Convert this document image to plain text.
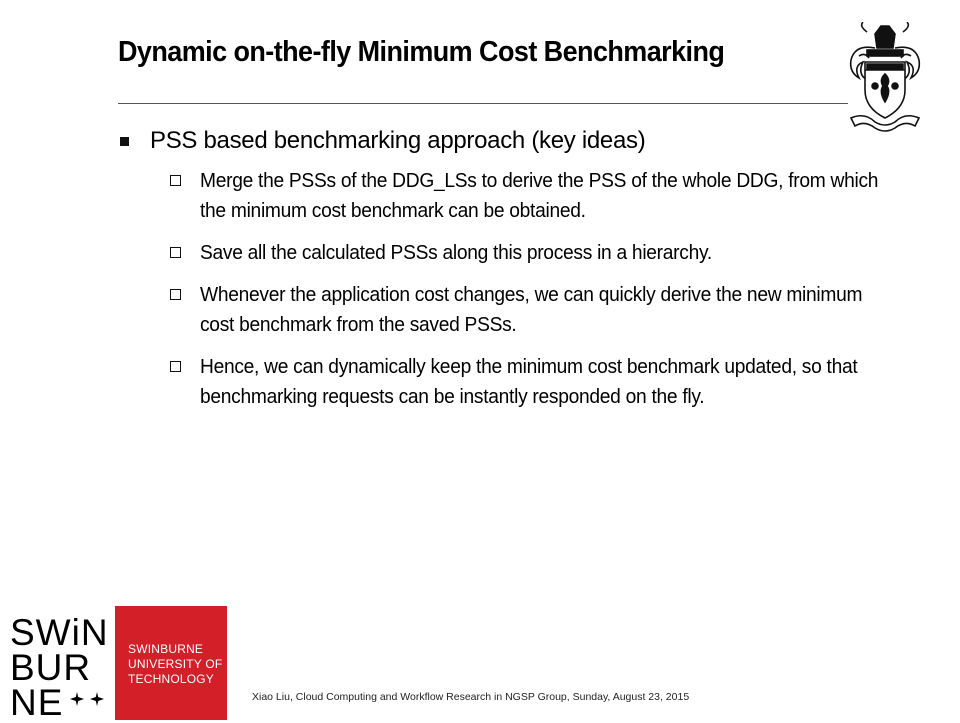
Dynamic on-the-fly Minimum Cost Benchmarking
PSS based benchmarking approach (key ideas)
Merge the PSSs of the DDG_LSs to derive the PSS of the whole DDG, from which the minimum cost benchmark can be obtained.
Save all the calculated PSSs along this process in a hierarchy.
Whenever the application cost changes, we can quickly derive the new minimum cost benchmark from the saved PSSs.
Hence, we can dynamically keep the minimum cost benchmark updated, so that benchmarking requests can be instantly responded on the fly.
SWiN
BUR
NE
SWINBURNE
UNIVERSITY OF
TECHNOLOGY
Xiao Liu, Cloud Computing and Workflow Research in NGSP Group, Sunday, August 23, 2015
